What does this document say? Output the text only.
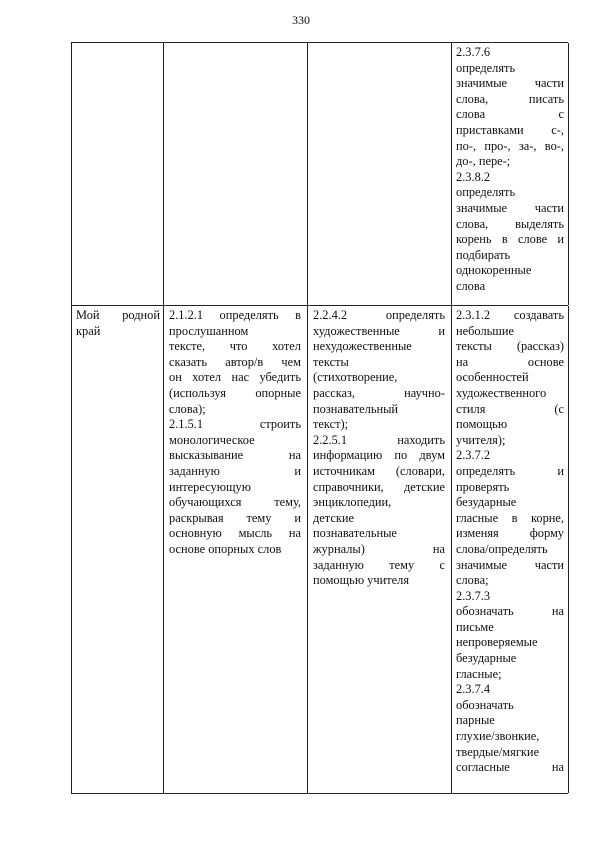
330
2.3.7.6
определять
значимые части
слова, писать
слова с
приставками с-,
по-, про-, за-, во-,
до-, пере-;
2.3.8.2
определять
значимые части
слова, выделять
корень в слове и
подбирать
однокоренные
слова
Мой родной
край
2.1.2.1 определять в
прослушанном
тексте, что хотел
сказать автор/в чем
он хотел нас убедить
(используя опорные
слова);
2.1.5.1 строить
монологическое
высказывание на
заданную и
интересующую
обучающихся тему,
раскрывая тему и
основную мысль на
основе опорных слов
2.2.4.2 определять
художественные и
нехудожественные
тексты
(стихотворение,
рассказ, научно-
познавательный
текст);
2.2.5.1 находить
информацию по двум
источникам (словари,
справочники, детские
энциклопедии,
детские
познавательные
журналы) на
заданную тему с
помощью учителя
2.3.1.2 создавать
небольшие
тексты (рассказ)
на основе
особенностей
художественного
стиля (с
помощью
учителя);
2.3.7.2
определять и
проверять
безударные
гласные в корне,
изменяя форму
слова/определять
значимые части
слова;
2.3.7.3
обозначать на
письме
непроверяемые
безударные
гласные;
2.3.7.4
обозначать
парные
глухие/звонкие,
твердые/мягкие
согласные на
